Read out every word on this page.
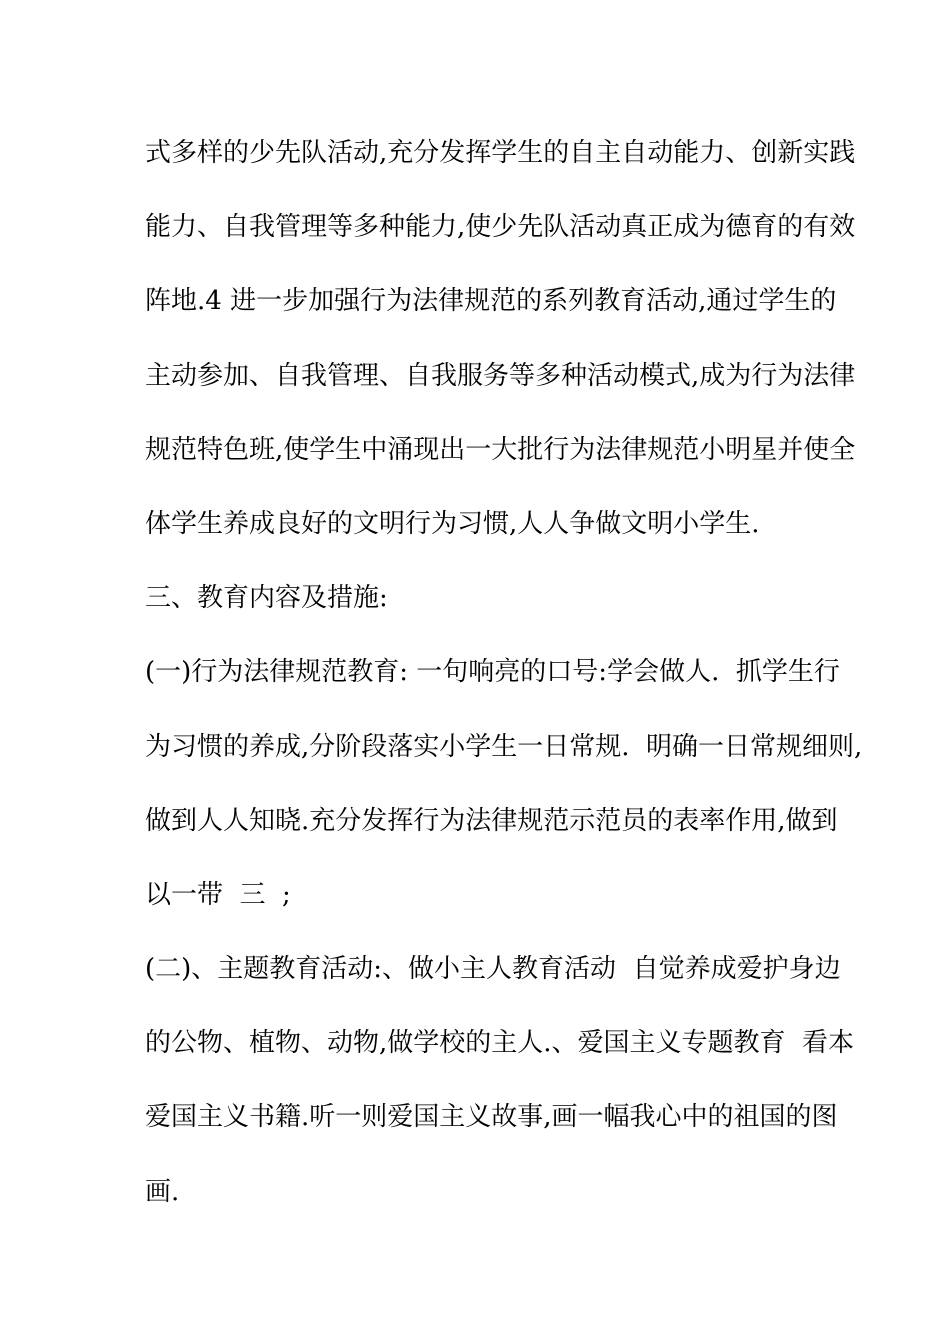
式多样的少先队活动,充分发挥学生的自主自动能力、创新实践
能力、自我管理等多种能力,使少先队活动真正成为德育的有效
阵地.4 进一步加强行为法律规范的系列教育活动,通过学生的
主动参加、自我管理、自我服务等多种活动模式,成为行为法律
规范特色班,使学生中涌现出一大批行为法律规范小明星并使全
体学生养成良好的文明行为习惯,人人争做文明小学生.
三、教育内容及措施:
(一)行为法律规范教育: 一句响亮的口号:学会做人.  抓学生行
为习惯的养成,分阶段落实小学生一日常规.  明确一日常规细则,
做到人人知晓.充分发挥行为法律规范示范员的表率作用,做到
以一带  三  ;
(二)、主题教育活动:、做小主人教育活动  自觉养成爱护身边
的公物、植物、动物,做学校的主人.、爱国主义专题教育  看本
爱国主义书籍.听一则爱国主义故事,画一幅我心中的祖国的图
画.
